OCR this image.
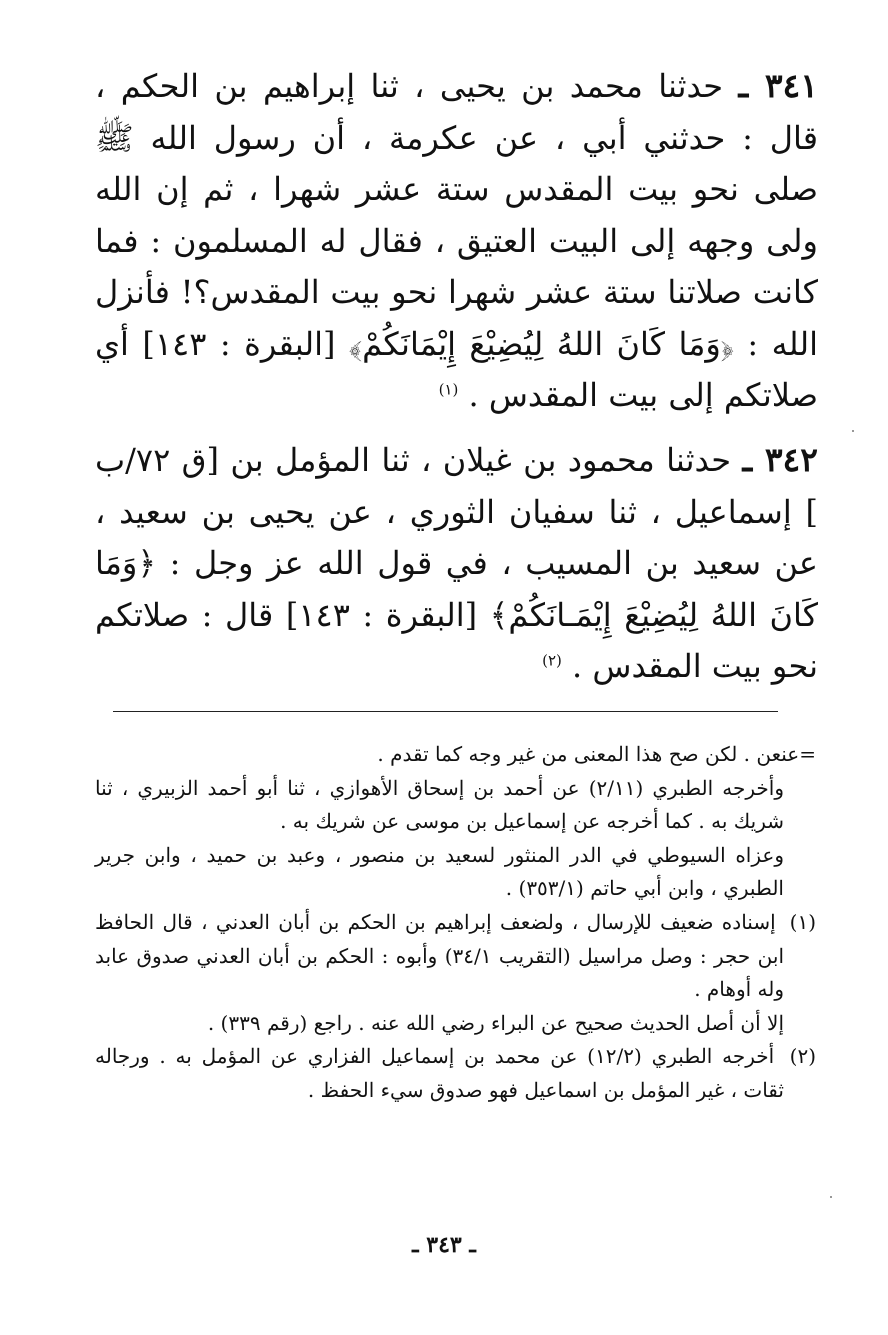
٣٤١ ـ حدثنا محمد بن يحيى ، ثنا إبراهيم بن الحكم ، قال : حدثني أبي ، عن عكرمة ، أن رسول الله ﷺ صلى نحو بيت المقدس ستة عشر شهرا ، ثم إن الله ولى وجهه إلى البيت العتيق ، فقال له المسلمون : فما كانت صلاتنا ستة عشر شهرا نحو بيت المقدس؟! فأنزل الله : ﴿وَمَا كَانَ اللهُ لِيُضِيْعَ إِيْمَانَكُمْ﴾ [البقرة : ١٤٣] أي صلاتكم إلى بيت المقدس . $^{(١)}$

٣٤٢ ـ حدثنا محمود بن غيلان ، ثنا المؤمل بن [ق ٧٢/ب ] إسماعيل ، ثنا سفيان الثوري ، عن يحيى بن سعيد ، عن سعيد بن المسيب ، في قول الله عز وجل : ﴿وَمَا كَانَ اللهُ لِيُضِيْعَ إِيْمَـانَكُمْ﴾ [البقرة : ١٤٣] قال : صلاتكم نحو بيت المقدس . $^{(٢)}$

=عنعن . لكن صح هذا المعنى من غير وجه كما تقدم .

وأخرجه الطبري (٢/١١) عن أحمد بن إسحاق الأهوازي ، ثنا أبو أحمد الزبيري ، ثنا شريك به . كما أخرجه عن إسماعيل بن موسى عن شريك به .

وعزاه السيوطي في الدر المنثور لسعيد بن منصور ، وعبد بن حميد ، وابن جرير الطبري ، وابن أبي حاتم (٣٥٣/١) .

(١) إسناده ضعيف للإرسال ، ولضعف إبراهيم بن الحكم بن أبان العدني ، قال الحافظ ابن حجر : وصل مراسيل (التقريب ٣٤/١) وأبوه : الحكم بن أبان العدني صدوق عابد وله أوهام .

إلا أن أصل الحديث صحيح عن البراء رضي الله عنه . راجع (رقم ٣٣٩) .

(٢) أخرجه الطبري (١٢/٢) عن محمد بن إسماعيل الفزاري عن المؤمل به . ورجاله ثقات ، غير المؤمل بن اسماعيل فهو صدوق سيء الحفظ .

ـ ٣٤٣ ـ
